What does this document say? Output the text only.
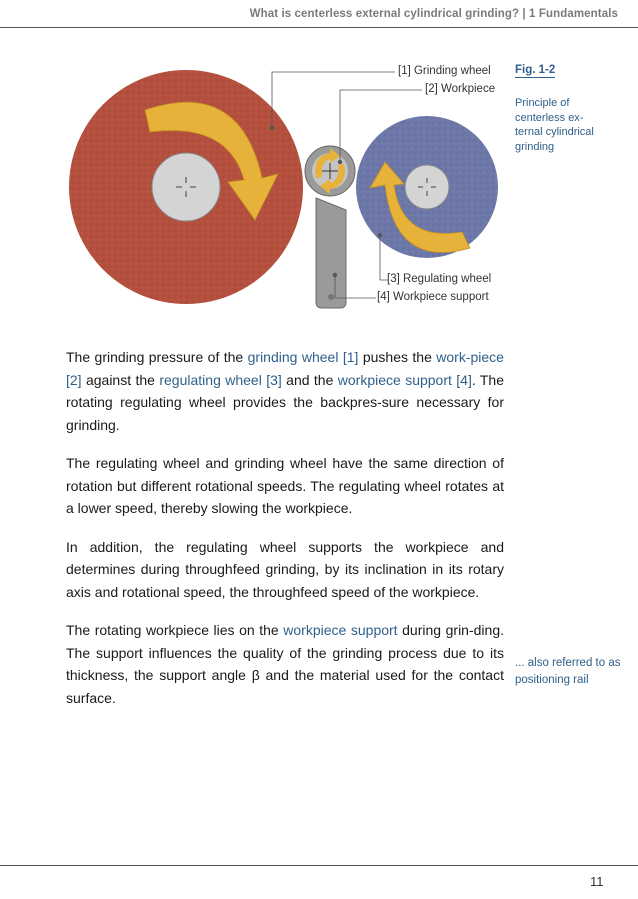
What is centerless external cylindrical grinding? | 1 Fundamentals
[1] Grinding wheel
[2] Workpiece
[3] Regulating wheel
[4] Workpiece support
Fig. 1-2
Principle of centerless ex- ternal cylindrical grinding

The grinding pressure of the grinding wheel [1] pushes the work-piece [2] against the regulating wheel [3] and the workpiece support [4]. The rotating regulating wheel provides the backpres-sure necessary for grinding.

The regulating wheel and grinding wheel have the same direction of rotation but different rotational speeds. The regulating wheel rotates at a lower speed, thereby slowing the workpiece.

In addition, the regulating wheel supports the workpiece and determines during throughfeed grinding, by its inclination in its rotary axis and rotational speed, the throughfeed speed of the workpiece.

The rotating workpiece lies on the workpiece support during grin-ding. The support influences the quality of the grinding process due to its thickness, the support angle β and the material used for the contact surface.

... also referred to as positioning rail
11
